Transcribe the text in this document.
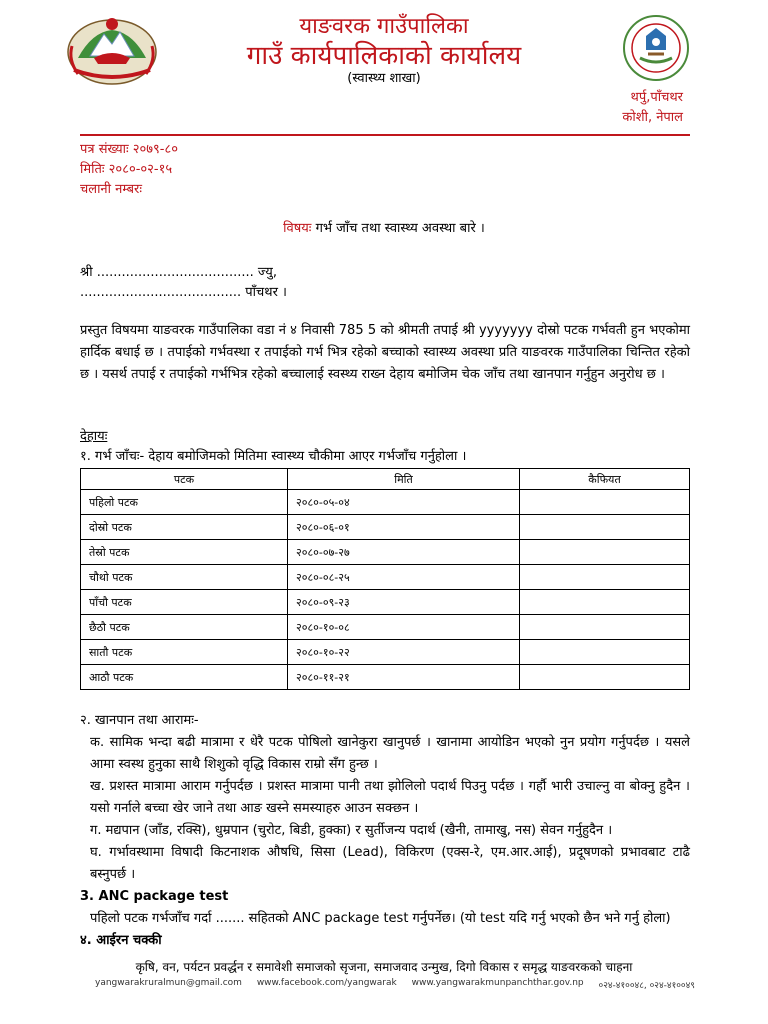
याङवरक गाउँपालिका
गाउँ कार्यपालिकाको कार्यालय
(स्वास्थ्य शाखा)
थर्पु,पाँचथर
कोशी, नेपाल
पत्र संख्याः २०७९-८०
मितिः २०८०-०२-१५
चलानी नम्बरः
विषयः गर्भ जाँच तथा स्वास्थ्य अवस्था बारे ।
श्री ...................................... ज्यु,
....................................... पाँचथर ।
प्रस्तुत विषयमा याङवरक गाउँपालिका वडा नं ४ निवासी 785 5 को श्रीमती तपाई श्री yyyyyyy दोस्रो पटक गर्भवती हुन भएकोमा हार्दिक बधाई छ । तपाईको गर्भवस्था र तपाईको गर्भ भित्र रहेको बच्चाको स्वास्थ्य अवस्था प्रति याङवरक गाउँपालिका चिन्तित रहेको छ । यसर्थ तपाई र तपाईको गर्भभित्र रहेको बच्चालाई स्वस्थ्य राख्न देहाय बमोजिम चेक जाँच तथा खानपान गर्नुहुन अनुरोध छ ।
देहायः
१. गर्भ जाँचः- देहाय बमोजिमको मितिमा स्वास्थ्य चौकीमा आएर गर्भजाँच गर्नुहोला ।
पटक	मिति	कैफियत
पहिलो पटक	२०८०-०५-०४	
दोस्रो पटक	२०८०-०६-०१	
तेस्रो पटक	२०८०-०७-२७	
चौथो पटक	२०८०-०८-२५	
पाँचौ पटक	२०८०-०९-२३	
छैठौ पटक	२०८०-१०-०८	
सातौ पटक	२०८०-१०-२२	
आठौ पटक	२०८०-११-२१	
२. खानपान तथा आरामः-
क. सामिक भन्दा बढी मात्रामा र धेरै पटक पोषिलो खानेकुरा खानुपर्छ । खानामा आयोडिन भएको नुन प्रयोग गर्नुपर्दछ । यसले आमा स्वस्थ हुनुका साथै शिशुको वृद्धि विकास राम्रो सँग हुन्छ ।
ख. प्रशस्त मात्रामा आराम गर्नुपर्दछ । प्रशस्त मात्रामा पानी तथा झोलिलो पदार्थ पिउनु पर्दछ । गर्हौ भारी उचाल्नु वा बोक्नु हुदैन । यसो गर्नाले बच्चा खेर जाने तथा आङ खस्ने समस्याहरु आउन सक्छन ।
ग. मद्यपान (जाँड, रक्सि), धुम्रपान (चुरोट, बिडी, हुक्का) र सुर्तीजन्य पदार्थ (खैनी, तामाखु, नस) सेवन गर्नुहुदैन ।
घ. गर्भावस्थामा विषादी किटनाशक औषधि, सिसा (Lead), विकिरण (एक्स-रे, एम.आर.आई), प्रदूषणको प्रभावबाट टाढै बस्नुपर्छ ।
3. ANC package test
पहिलो पटक गर्भजाँच गर्दा ....... सहितको ANC package test गर्नुपर्नेछ। (यो test यदि गर्नु भएको छैन भने गर्नु होला)
४. आईरन चक्की
कृषि, वन, पर्यटन प्रवर्द्धन र समावेशी समाजको सृजना, समाजवाद उन्मुख, दिगो विकास र समृद्ध याङवरकको चाहना
yangwarakruralmun@gmail.com www.facebook.com/yangwarak www.yangwarakmunpanchthar.gov.np ०२४-४१००४८, ०२४-४१००४९
